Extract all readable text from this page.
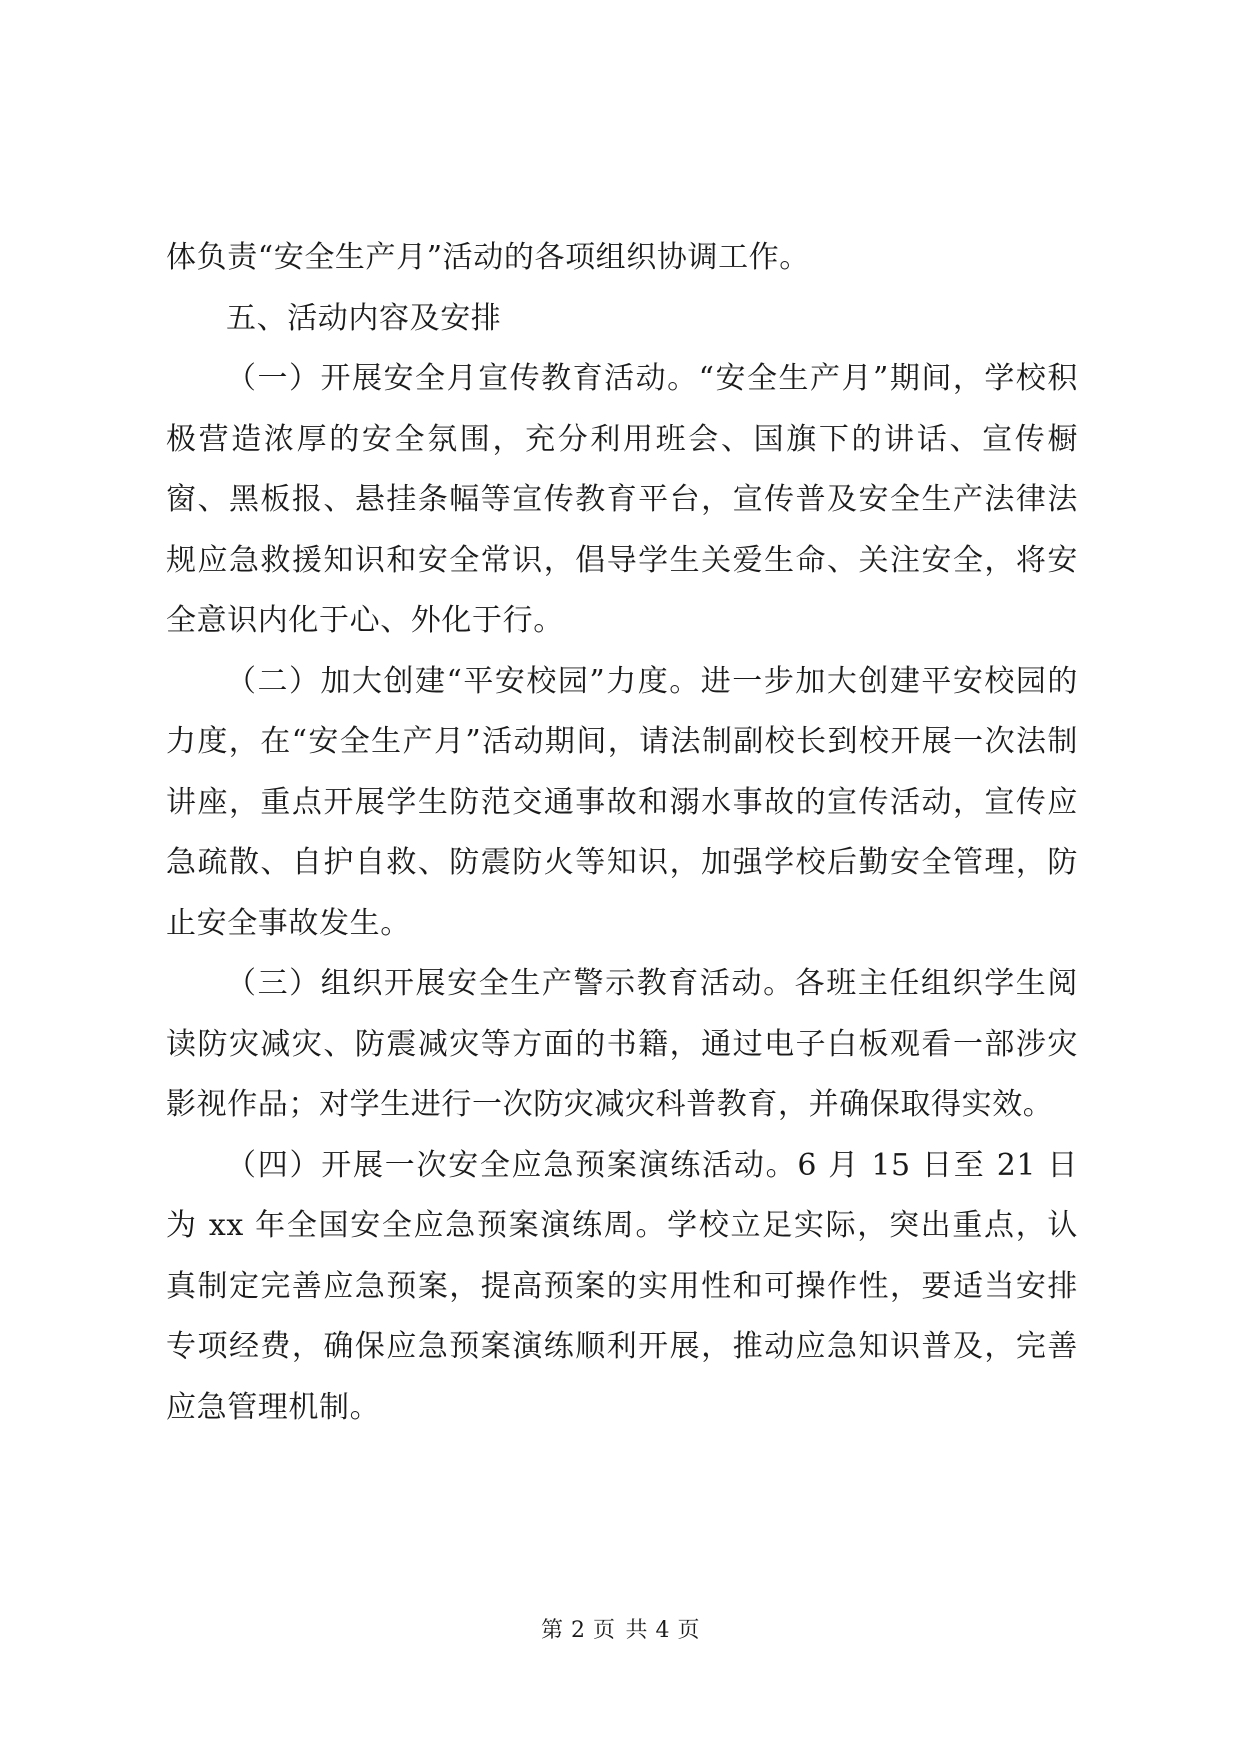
体负责“安全生产月”活动的各项组织协调工作。

五、活动内容及安排

（一）开展安全月宣传教育活动。“安全生产月”期间，学校积极营造浓厚的安全氛围，充分利用班会、国旗下的讲话、宣传橱窗、黑板报、悬挂条幅等宣传教育平台，宣传普及安全生产法律法规应急救援知识和安全常识，倡导学生关爱生命、关注安全，将安全意识内化于心、外化于行。

（二）加大创建“平安校园”力度。进一步加大创建平安校园的力度，在“安全生产月”活动期间，请法制副校长到校开展一次法制讲座，重点开展学生防范交通事故和溺水事故的宣传活动，宣传应急疏散、自护自救、防震防火等知识，加强学校后勤安全管理，防止安全事故发生。

（三）组织开展安全生产警示教育活动。各班主任组织学生阅读防灾减灾、防震减灾等方面的书籍，通过电子白板观看一部涉灾影视作品；对学生进行一次防灾减灾科普教育，并确保取得实效。

（四）开展一次安全应急预案演练活动。6 月 15 日至 21 日为 xx 年全国安全应急预案演练周。学校立足实际，突出重点，认真制定完善应急预案，提高预案的实用性和可操作性，要适当安排专项经费，确保应急预案演练顺利开展，推动应急知识普及，完善应急管理机制。

第 2 页 共 4 页
